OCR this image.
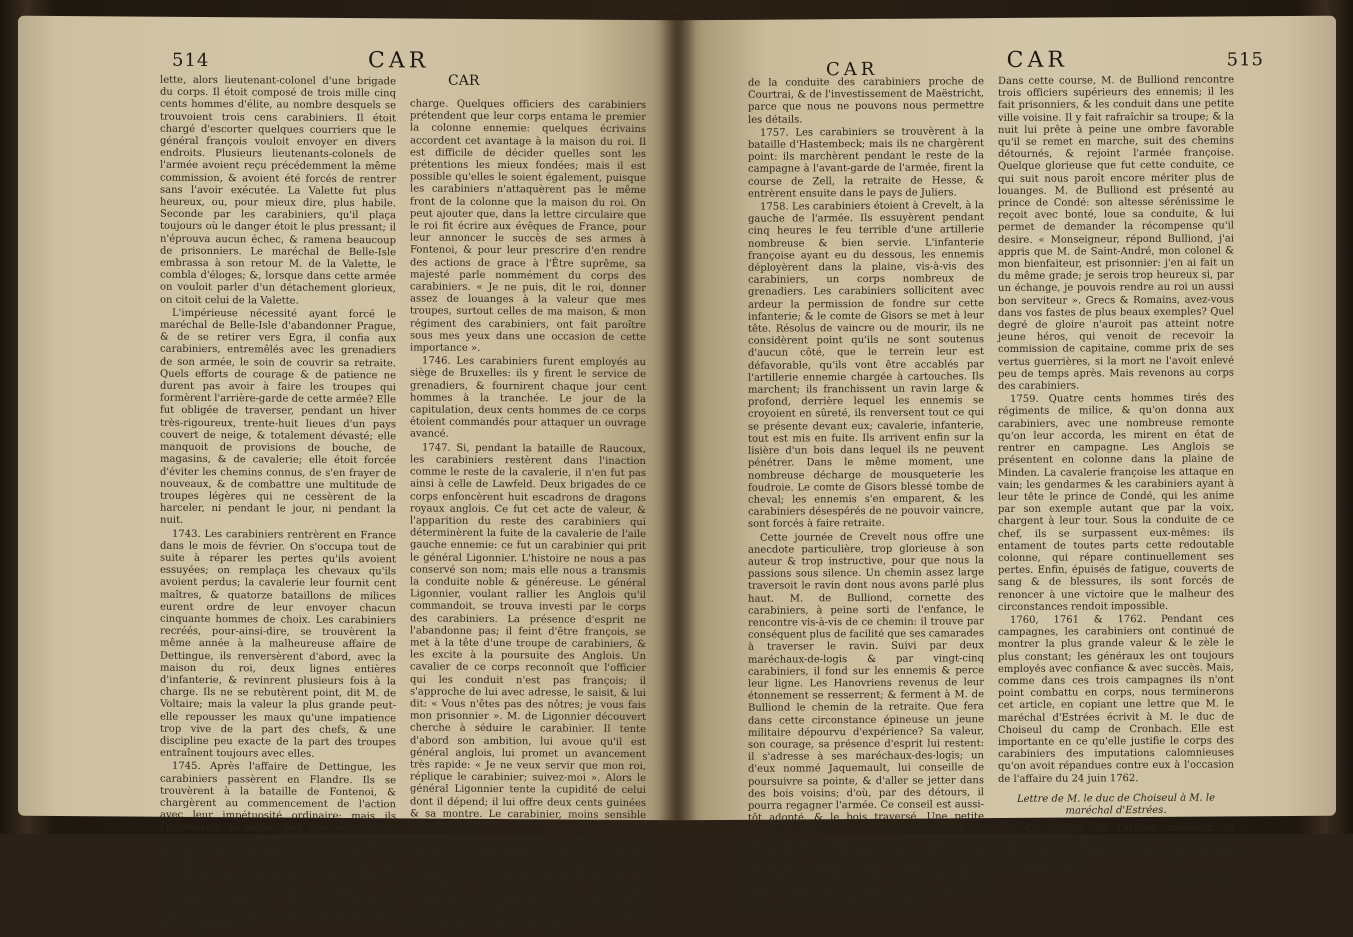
514	CAR

lette, alors lieutenant-colonel d'une brigade du corps. Il étoit composé de trois mille cinq cents hommes d'élite, au nombre desquels se trouvoient trois cens carabiniers. Il étoit chargé d'escorter quelques courriers que le général françois vouloit envoyer en divers endroits. Plusieurs lieutenants-colonels de l'armée avoient reçu précédemment la même commission, & avoient été forcés de rentrer sans l'avoir exécutée. La Valette fut plus heureux, ou, pour mieux dire, plus habile. Seconde par les carabiniers, qu'il plaça toujours où le danger étoit le plus pressant; il n'éprouva aucun échec, & ramena beaucoup de prisonniers. Le maréchal de Belle-Isle embrassa à son retour M. de la Valette, le combla d'éloges; &, lorsque dans cette armée on vouloit parler d'un détachement glorieux, on citoit celui de la Valette.

L'impérieuse nécessité ayant forcé le maréchal de Belle-Isle d'abandonner Prague, & de se retirer vers Egra, il confia aux carabiniers, entremêlés avec les grenadiers de son armée, le soin de couvrir sa retraite. Quels efforts de courage & de patience ne durent pas avoir à faire les troupes qui formèrent l'arrière-garde de cette armée? Elle fut obligée de traverser, pendant un hiver très-rigoureux, trente-huit lieues d'un pays couvert de neige, & totalement dévasté; elle manquoit de provisions de bouche, de magasins, & de cavalerie; elle étoit forcée d'éviter les chemins connus, de s'en frayer de nouveaux, & de combattre une multitude de troupes légères qui ne cessèrent de la harceler, ni pendant le jour, ni pendant la nuit.

1743. Les carabiniers rentrèrent en France dans le mois de février. On s'occupa tout de suite à réparer les pertes qu'ils avoient essuyées; on remplaça les chevaux qu'ils avoient perdus; la cavalerie leur fournit cent maîtres, & quatorze bataillons de milices eurent ordre de leur envoyer chacun cinquante hommes de choix. Les carabiniers recréés, pour-ainsi-dire, se trouvèrent la même année à la malheureuse affaire de Dettingue, ils renversèrent d'abord, avec la maison du roi, deux lignes entières d'infanterie, & revinrent plusieurs fois à la charge. Ils ne se rebutèrent point, dit M. de Voltaire; mais la valeur la plus grande peut-elle repousser les maux qu'une impatience trop vive de la part des chefs, & une discipline peu exacte de la part des troupes entraînent toujours avec elles.

1745. Après l'affaire de Dettingue, les carabiniers passèrent en Flandre. Ils se trouvèrent à la bataille de Fontenoi, & chargèrent au commencement de l'action avec leur impétuosité ordinaire; mais ils éprouvèrent le même sort que le reste de l'armée françoise: ils eurent à cette première attaque vingt officiers tués ou blessés. Lorsque l'artillerie que le maréchal de Richelieu avoit proposé de conduire contre la fameuse colonne l'eut ébranlée, les carabiniers entrèrent dans ses premiers rangs, & vengèrent leurs camarades tués dans la première

CAR

charge. Quelques officiers des carabiniers prétendent que leur corps entama le premier la colonne ennemie: quelques écrivains accordent cet avantage à la maison du roi. Il est difficile de décider quelles sont les prétentions les mieux fondées; mais il est possible qu'elles le soient également, puisque les carabiniers n'attaquèrent pas le même front de la colonne que la maison du roi. On peut ajouter que, dans la lettre circulaire que le roi fit écrire aux évêques de France, pour leur annoncer le succès de ses armes à Fontenoi, & pour leur prescrire d'en rendre des actions de grace à l'Être suprême, sa majesté parle nommément du corps des carabiniers. « Je ne puis, dit le roi, donner assez de louanges à la valeur que mes troupes, surtout celles de ma maison, & mon régiment des carabiniers, ont fait paroître sous mes yeux dans une occasion de cette importance ».

1746. Les carabiniers furent employés au siège de Bruxelles: ils y firent le service de grenadiers, & fournirent chaque jour cent hommes à la tranchée. Le jour de la capitulation, deux cents hommes de ce corps étoient commandés pour attaquer un ouvrage avancé.

1747. Si, pendant la bataille de Raucoux, les carabiniers restèrent dans l'inaction comme le reste de la cavalerie, il n'en fut pas ainsi à celle de Lawfeld. Deux brigades de ce corps enfoncèrent huit escadrons de dragons royaux anglois. Ce fut cet acte de valeur, & l'apparition du reste des carabiniers qui déterminèrent la fuite de la cavalerie de l'aile gauche ennemie: ce fut un carabinier qui prit le général Ligonnier. L'histoire ne nous a pas conservé son nom; mais elle nous a transmis la conduite noble & généreuse. Le général Ligonnier, voulant rallier les Anglois qu'il commandoit, se trouva investi par le corps des carabiniers. La présence d'esprit ne l'abandonne pas; il feint d'être françois, se met à la tête d'une troupe de carabiniers, & les excite à la poursuite des Anglois. Un cavalier de ce corps reconnoît que l'officier qui les conduit n'est pas françois; il s'approche de lui avec adresse, le saisit, & lui dit: « Vous n'êtes pas des nôtres; je vous fais mon prisonnier ». M. de Ligonnier découvert cherche à séduire le carabinier. Il tente d'abord son ambition, lui avoue qu'il est général anglois, lui promet un avancement très rapide: « Je ne veux servir que mon roi, réplique le carabinier; suivez-moi ». Alors le général Ligonnier tente la cupidité de celui dont il dépend; il lui offre deux cents guinées & sa montre. Le carabinier, moins sensible encore à cette offre qu'à la précédente, remet son prisonnier entre les mains de son capitaine, rentre dans son rang, & continue de combattre. Les récompenses que Louis XV fit donner au carabinier qui avoit pris M. de Ligonnier, la manière noble & pleine d'humanité avec laquelle sa majesté reçut le général anglois ne sont point de notre sujet. Nous ne parlerons pas non plus

CAR	515
CAR

de la conduite des carabiniers proche de Courtrai, & de l'investissement de Maëstricht, parce que nous ne pouvons nous permettre les détails.

1757. Les carabiniers se trouvèrent à la bataille d'Hastembeck; mais ils ne chargèrent point: ils marchèrent pendant le reste de la campagne à l'avant-garde de l'armée, firent la course de Zell, la retraite de Hesse, & entrèrent ensuite dans le pays de Juliers.

1758. Les carabiniers étoient à Crevelt, à la gauche de l'armée. Ils essuyèrent pendant cinq heures le feu terrible d'une artillerie nombreuse & bien servie. L'infanterie françoise ayant eu du dessous, les ennemis déployèrent dans la plaine, vis-à-vis des carabiniers, un corps nombreux de grenadiers. Les carabiniers sollicitent avec ardeur la permission de fondre sur cette infanterie; & le comte de Gisors se met à leur tête. Résolus de vaincre ou de mourir, ils ne considèrent point qu'ils ne sont soutenus d'aucun côté, que le terrein leur est défavorable, qu'ils vont être accablés par l'artillerie ennemie chargée à cartouches. Ils marchent; ils franchissent un ravin large & profond, derrière lequel les ennemis se croyoient en sûreté, ils renversent tout ce qui se présente devant eux; cavalerie, infanterie, tout est mis en fuite. Ils arrivent enfin sur la lisière d'un bois dans lequel ils ne peuvent pénétrer. Dans le même moment, une nombreuse décharge de mousqueterie les foudroie. Le comte de Gisors blessé tombe de cheval; les ennemis s'en emparent, & les carabiniers désespérés de ne pouvoir vaincre, sont forcés à faire retraite.

Cette journée de Crevelt nous offre une anecdote particulière, trop glorieuse à son auteur & trop instructive, pour que nous la passions sous silence. Un chemin assez large traversoit le ravin dont nous avons parlé plus haut. M. de Bulliond, cornette des carabiniers, à peine sorti de l'enfance, le rencontre vis-à-vis de ce chemin: il trouve par conséquent plus de facilité que ses camarades à traverser le ravin. Suivi par deux maréchaux-de-logis & par vingt-cinq carabiniers, il fond sur les ennemis & perce leur ligne. Les Hanovriens revenus de leur étonnement se resserrent; & ferment à M. de Bulliond le chemin de la retraite. Que fera dans cette circonstance épineuse un jeune militaire dépourvu d'expérience? Sa valeur, son courage, sa présence d'esprit lui restent: il s'adresse à ses maréchaux-des-logis; un d'eux nommé Jaquemault, lui conseille de poursuivre sa pointe, & d'aller se jetter dans des bois voisins; d'où, par des détours, il pourra regagner l'armée. Ce conseil est aussi-tôt adopté, & le bois traversé. Une petite plaine se présente ensuite. A l'instant où M. de Bulliond y entre, il découvre une troupe nombreuse de cavalerie. Dès que celle-ci apperçoit l'étendart que portoit le jeune cornette, elle imagine que c'est la tête d'une colonne ennemie victorieuse: elle se retire, & laisse à nos braves le passage libre.

Dans cette course, M. de Bulliond rencontre trois officiers supérieurs des ennemis; il les fait prisonniers, & les conduit dans une petite ville voisine. Il y fait rafraîchir sa troupe; & la nuit lui prête à peine une ombre favorable qu'il se remet en marche, suit des chemins détournés, & rejoint l'armée françoise. Quelque glorieuse que fut cette conduite, ce qui suit nous paroît encore mériter plus de louanges. M. de Bulliond est présenté au prince de Condé: son altesse sérénissime le reçoit avec bonté, loue sa conduite, & lui permet de demander la récompense qu'il desire. « Monseigneur, répond Bulliond, j'ai appris que M. de Saint-André, mon colonel & mon bienfaiteur, est prisonnier: j'en ai fait un du même grade; je serois trop heureux si, par un échange, je pouvois rendre au roi un aussi bon serviteur ». Grecs & Romains, avez-vous dans vos fastes de plus beaux exemples? Quel degré de gloire n'auroit pas atteint notre jeune héros, qui venoit de recevoir la commission de capitaine, comme prix de ses vertus guerrières, si la mort ne l'avoit enlevé peu de temps après. Mais revenons au corps des carabiniers.

1759. Quatre cents hommes tirés des régiments de milice, & qu'on donna aux carabiniers, avec une nombreuse remonte qu'on leur accorda, les mirent en état de rentrer en campagne. Les Anglois se présentent en colonne dans la plaine de Minden. La cavalerie françoise les attaque en vain; les gendarmes & les carabiniers ayant à leur tête le prince de Condé, qui les anime par son exemple autant que par la voix, chargent à leur tour. Sous la conduite de ce chef, ils se surpassent eux-mêmes: ils entament de toutes parts cette redoutable colonne, qui répare continuellement ses pertes. Enfin, épuisés de fatigue, couverts de sang & de blessures, ils sont forcés de renoncer à une victoire que le malheur des circonstances rendoit impossible.

1760, 1761 & 1762. Pendant ces campagnes, les carabiniers ont continué de montrer la plus grande valeur & le zèle le plus constant; les généraux les ont toujours employés avec confiance & avec succès. Mais, comme dans ces trois campagnes ils n'ont point combattu en corps, nous terminerons cet article, en copiant une lettre que M. le maréchal d'Estrées écrivit à M. le duc de Choiseul du camp de Cronbach. Elle est importante en ce qu'elle justifie le corps des carabiniers des imputations calomnieuses qu'on avoit répandues contre eux à l'occasion de l'affaire du 24 juin 1762.

Lettre de M. le duc de Choiseul à M. le maréchal d'Estrées.

« On m'écrit de l'armée, monsieur le maréchal, que les carabiniers ont refusé de charger le 24. Quoique je n'y ajoute aucune foi, la place que

T t t ij
